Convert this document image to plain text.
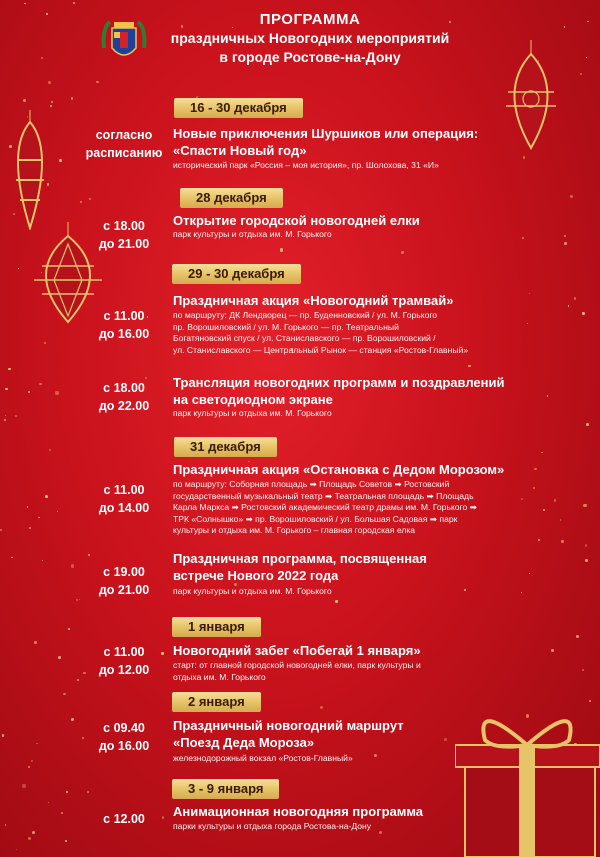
ПРОГРАММА
праздничных Новогодних мероприятий
в городе Ростове-на-Дону
16 - 30 декабря
согласно
расписанию
Новые приключения Шуршиков или операция:
«Спасти Новый год»
исторический парк «Россия – моя история», пр. Шолохова, 31 «И»
28 декабря
с 18.00
до 21.00
Открытие городской новогодней елки
парк культуры и отдыха им. М. Горького
29 - 30 декабря
с 11.00
до 16.00
Праздничная акция «Новогодний трамвай»
по маршруту: ДК Лендворец — пр. Буденновский / ул. М. Горького
пр. Ворошиловский / ул. М. Горького — пр. Театральный
Богатяновский спуск / ул. Станиславского — пр. Ворошиловский /
ул. Станиславского — Центральный Рынок — станция «Ростов-Главный»
с 18.00
до 22.00
Трансляция новогодних программ и поздравлений
на светодиодном экране
парк культуры и отдыха им. М. Горького
31 декабря
с 11.00
до 14.00
Праздничная акция «Остановка с Дедом Морозом»
по маршруту: Соборная площадь ➡ Площадь Советов ➡ Ростовский
государственный музыкальный театр ➡ Театральная площадь ➡ Площадь
Карла Маркса ➡ Ростовский академический театр драмы им. М. Горького ➡
ТРК «Солнышко» ➡ пр. Ворошиловский / ул. Большая Садовая ➡ парк
культуры и отдыха им. М. Горького – главная городская елка
с 19.00
до 21.00
Праздничная программа, посвященная
встрече Нового 2022 года
парк культуры и отдыха им. М. Горького
1 января
с 11.00
до 12.00
Новогодний забег «Побегай 1 января»
старт: от главной городской новогодней елки, парк культуры и
отдыха им. М. Горького
2 января
с 09.40
до 16.00
Праздничный новогодний маршрут
«Поезд Деда Мороза»
железнодорожный вокзал «Ростов-Главный»
3 - 9 января
с 12.00	Анимационная новогодняя программа
парки культуры и отдыха города Ростова-на-Дону
